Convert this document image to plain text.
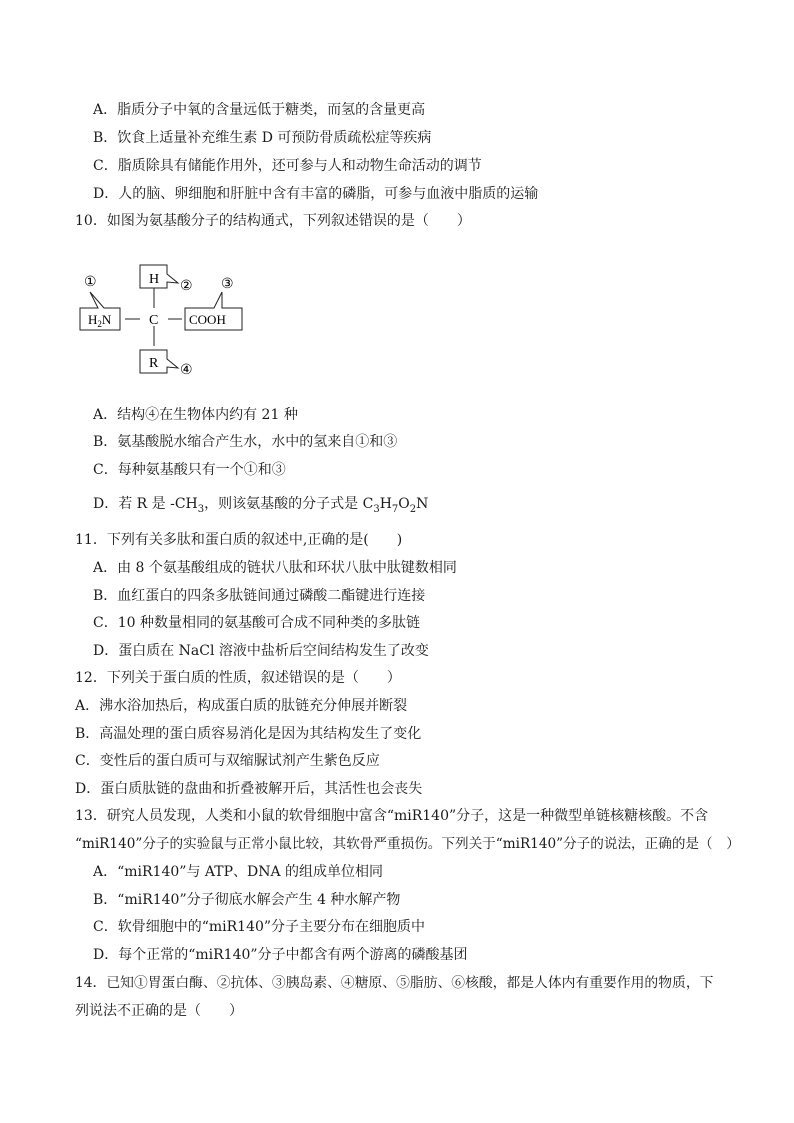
A．脂质分子中氧的含量远低于糖类，而氢的含量更高
B．饮食上适量补充维生素 D 可预防骨质疏松症等疾病
C．脂质除具有储能作用外，还可参与人和动物生命活动的调节
D．人的脑、卵细胞和肝脏中含有丰富的磷脂，可参与血液中脂质的运输
10．如图为氨基酸分子的结构通式，下列叙述错误的是（　　）
H ②
C
$H_2N$
①
COOH
③
R ④
A．结构④在生物体内约有 21 种
B．氨基酸脱水缩合产生水，水中的氢来自①和③
C．每种氨基酸只有一个①和③
D．若 R 是 $-CH_3$，则该氨基酸的分子式是 $C_3H_7O_2N$
11．下列有关多肽和蛋白质的叙述中,正确的是(　　)
A．由 8 个氨基酸组成的链状八肽和环状八肽中肽键数相同
B．血红蛋白的四条多肽链间通过磷酸二酯键进行连接
C．10 种数量相同的氨基酸可合成不同种类的多肽链
D．蛋白质在 NaCl 溶液中盐析后空间结构发生了改变
12．下列关于蛋白质的性质，叙述错误的是（　　）
A．沸水浴加热后，构成蛋白质的肽链充分伸展并断裂
B．高温处理的蛋白质容易消化是因为其结构发生了变化
C．变性后的蛋白质可与双缩脲试剂产生紫色反应
D．蛋白质肽链的盘曲和折叠被解开后，其活性也会丧失
13．研究人员发现，人类和小鼠的软骨细胞中富含“miR140”分子，这是一种微型单链核糖核酸。不含
“miR140”分子的实验鼠与正常小鼠比较，其软骨严重损伤。下列关于“miR140”分子的说法，正确的是（　）
A．“miR140”与 ATP、DNA 的组成单位相同
B．“miR140”分子彻底水解会产生 4 种水解产物
C．软骨细胞中的“miR140”分子主要分布在细胞质中
D．每个正常的“miR140”分子中都含有两个游离的磷酸基团
14．已知①胃蛋白酶、②抗体、③胰岛素、④糖原、⑤脂肪、⑥核酸，都是人体内有重要作用的物质，下
列说法不正确的是（　　）
